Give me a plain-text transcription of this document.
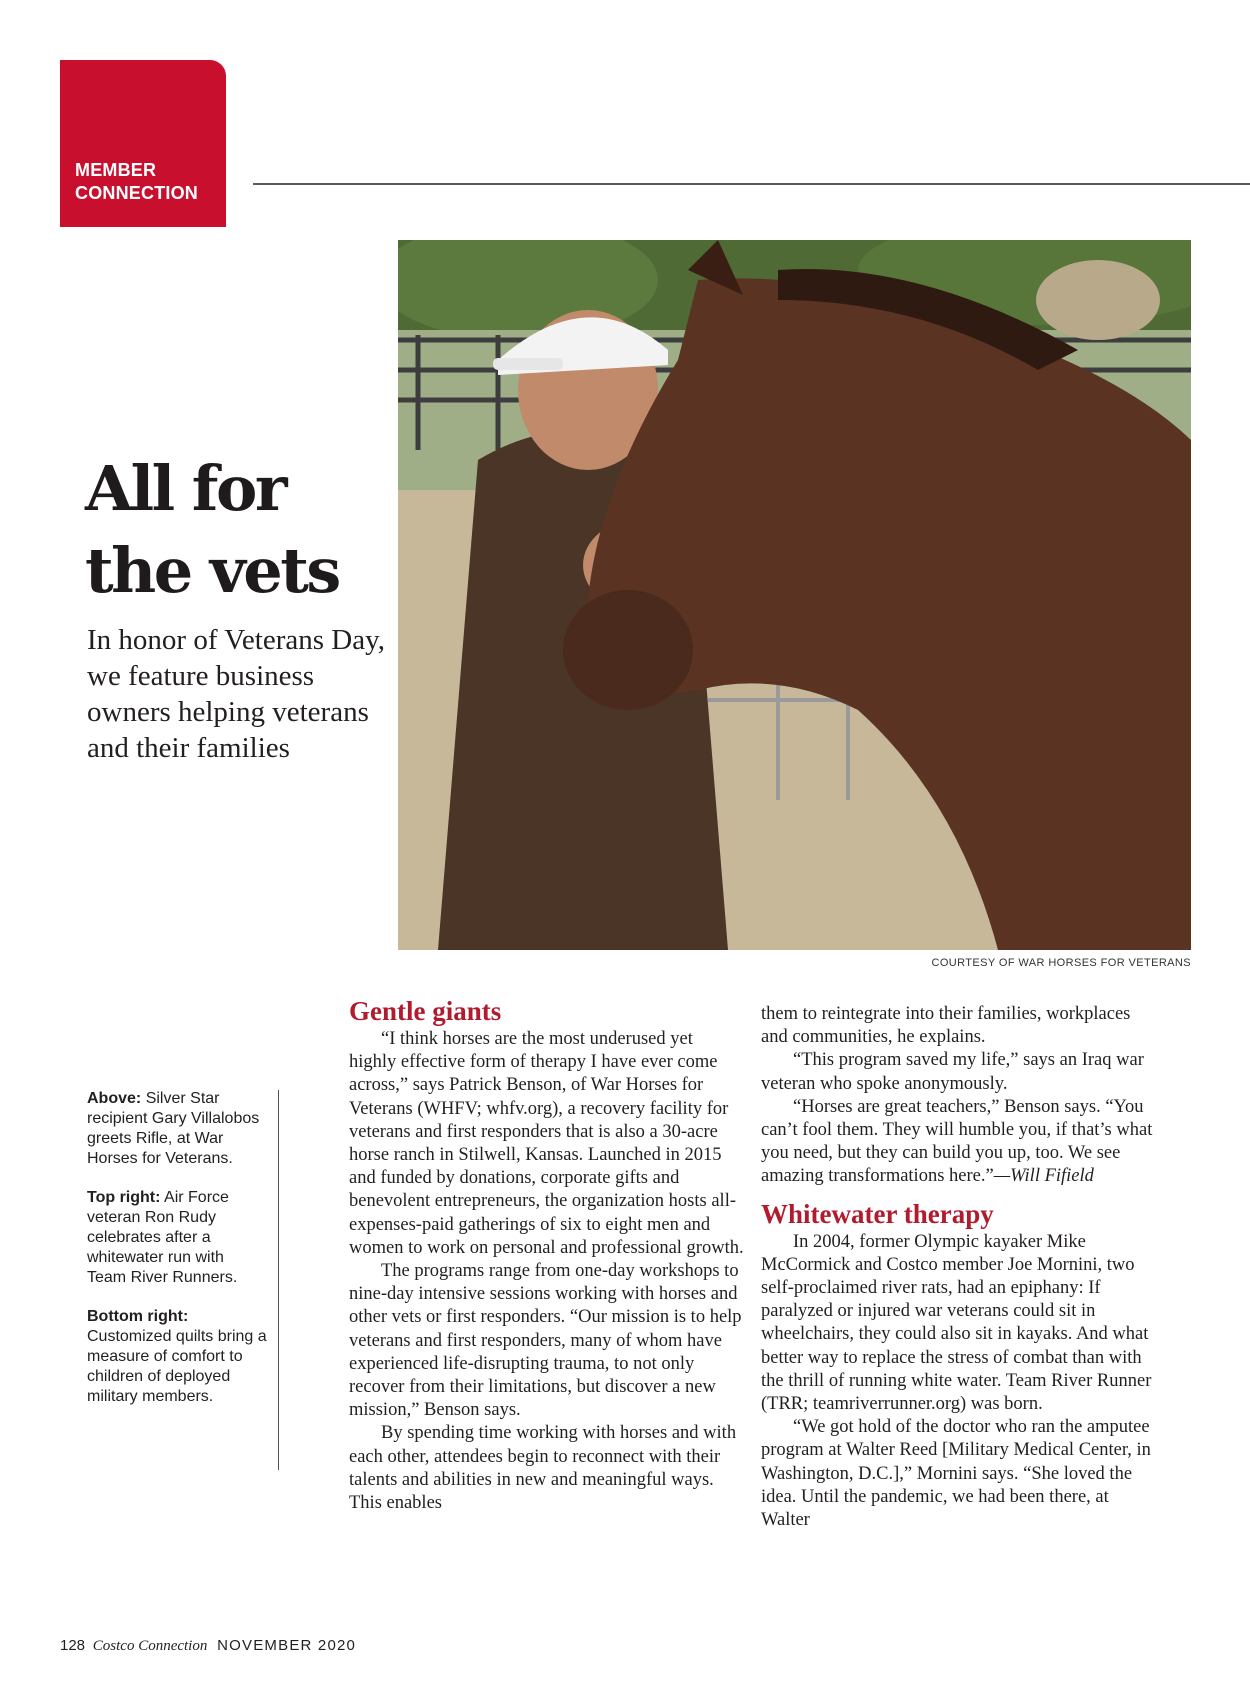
MEMBER
CONNECTION
COURTESY OF WAR HORSES FOR VETERANS
All for
the vets
In honor of Veterans Day, we feature business owners helping veterans and their families

Above: Silver Star recipient Gary Villalobos greets Rifle, at War Horses for Veterans.

Top right: Air Force veteran Ron Rudy celebrates after a whitewater run with Team River Runners.

Bottom right: Customized quilts bring a measure of comfort to children of deployed military members.

Gentle giants

“I think horses are the most underused yet highly effective form of therapy I have ever come across,” says Patrick Benson, of War Horses for Veterans (WHFV; whfv.org), a recovery facility for veterans and first responders that is also a 30-acre horse ranch in Stilwell, Kansas. Launched in 2015 and funded by donations, corporate gifts and benevolent entrepreneurs, the organization hosts all-expenses-paid gatherings of six to eight men and women to work on personal and professional growth.

The programs range from one-day workshops to nine-day intensive sessions working with horses and other vets or first responders. “Our mission is to help veterans and first responders, many of whom have experienced life-disrupting trauma, to not only recover from their limitations, but discover a new mission,” Benson says.

By spending time working with horses and with each other, attendees begin to reconnect with their talents and abilities in new and meaningful ways. This enables

them to reintegrate into their families, workplaces and communities, he explains.

“This program saved my life,” says an Iraq war veteran who spoke anonymously.

“Horses are great teachers,” Benson says. “You can’t fool them. They will humble you, if that’s what you need, but they can build you up, too. We see amazing transformations here.”—Will Fifield

Whitewater therapy

In 2004, former Olympic kayaker Mike McCormick and Costco member Joe Mornini, two self-proclaimed river rats, had an epiphany: If paralyzed or injured war veterans could sit in wheelchairs, they could also sit in kayaks. And what better way to replace the stress of combat than with the thrill of running white water. Team River Runner (TRR; teamriverrunner.org) was born.

“We got hold of the doctor who ran the amputee program at Walter Reed [Military Medical Center, in Washington, D.C.],” Mornini says. “She loved the idea. Until the pandemic, we had been there, at Walter

128 Costco Connection NOVEMBER 2020
